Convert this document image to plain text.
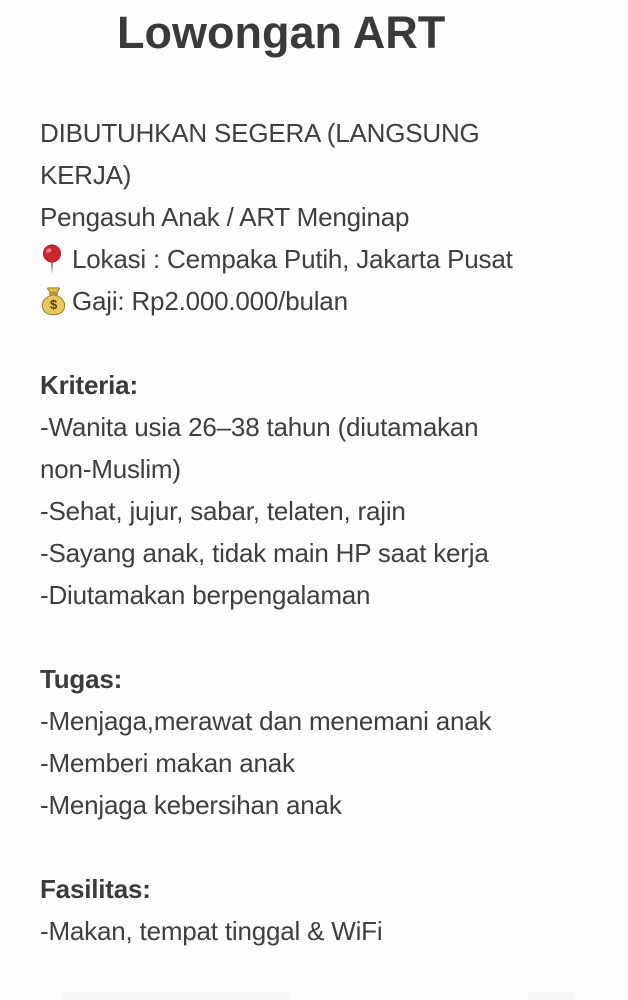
Lowongan ART

DIBUTUHKAN SEGERA (LANGSUNG

KERJA)

Pengasuh Anak / ART Menginap

Lokasi : Cempaka Putih, Jakarta Pusat
$ Gaji: Rp2.000.000/bulan

Kriteria:

-Wanita usia 26–38 tahun (diutamakan

non-Muslim)

-Sehat, jujur, sabar, telaten, rajin

-Sayang anak, tidak main HP saat kerja

-Diutamakan berpengalaman

Tugas:

-Menjaga,merawat dan menemani anak

-Memberi makan anak

-Menjaga kebersihan anak

Fasilitas:

-Makan, tempat tinggal & WiFi
